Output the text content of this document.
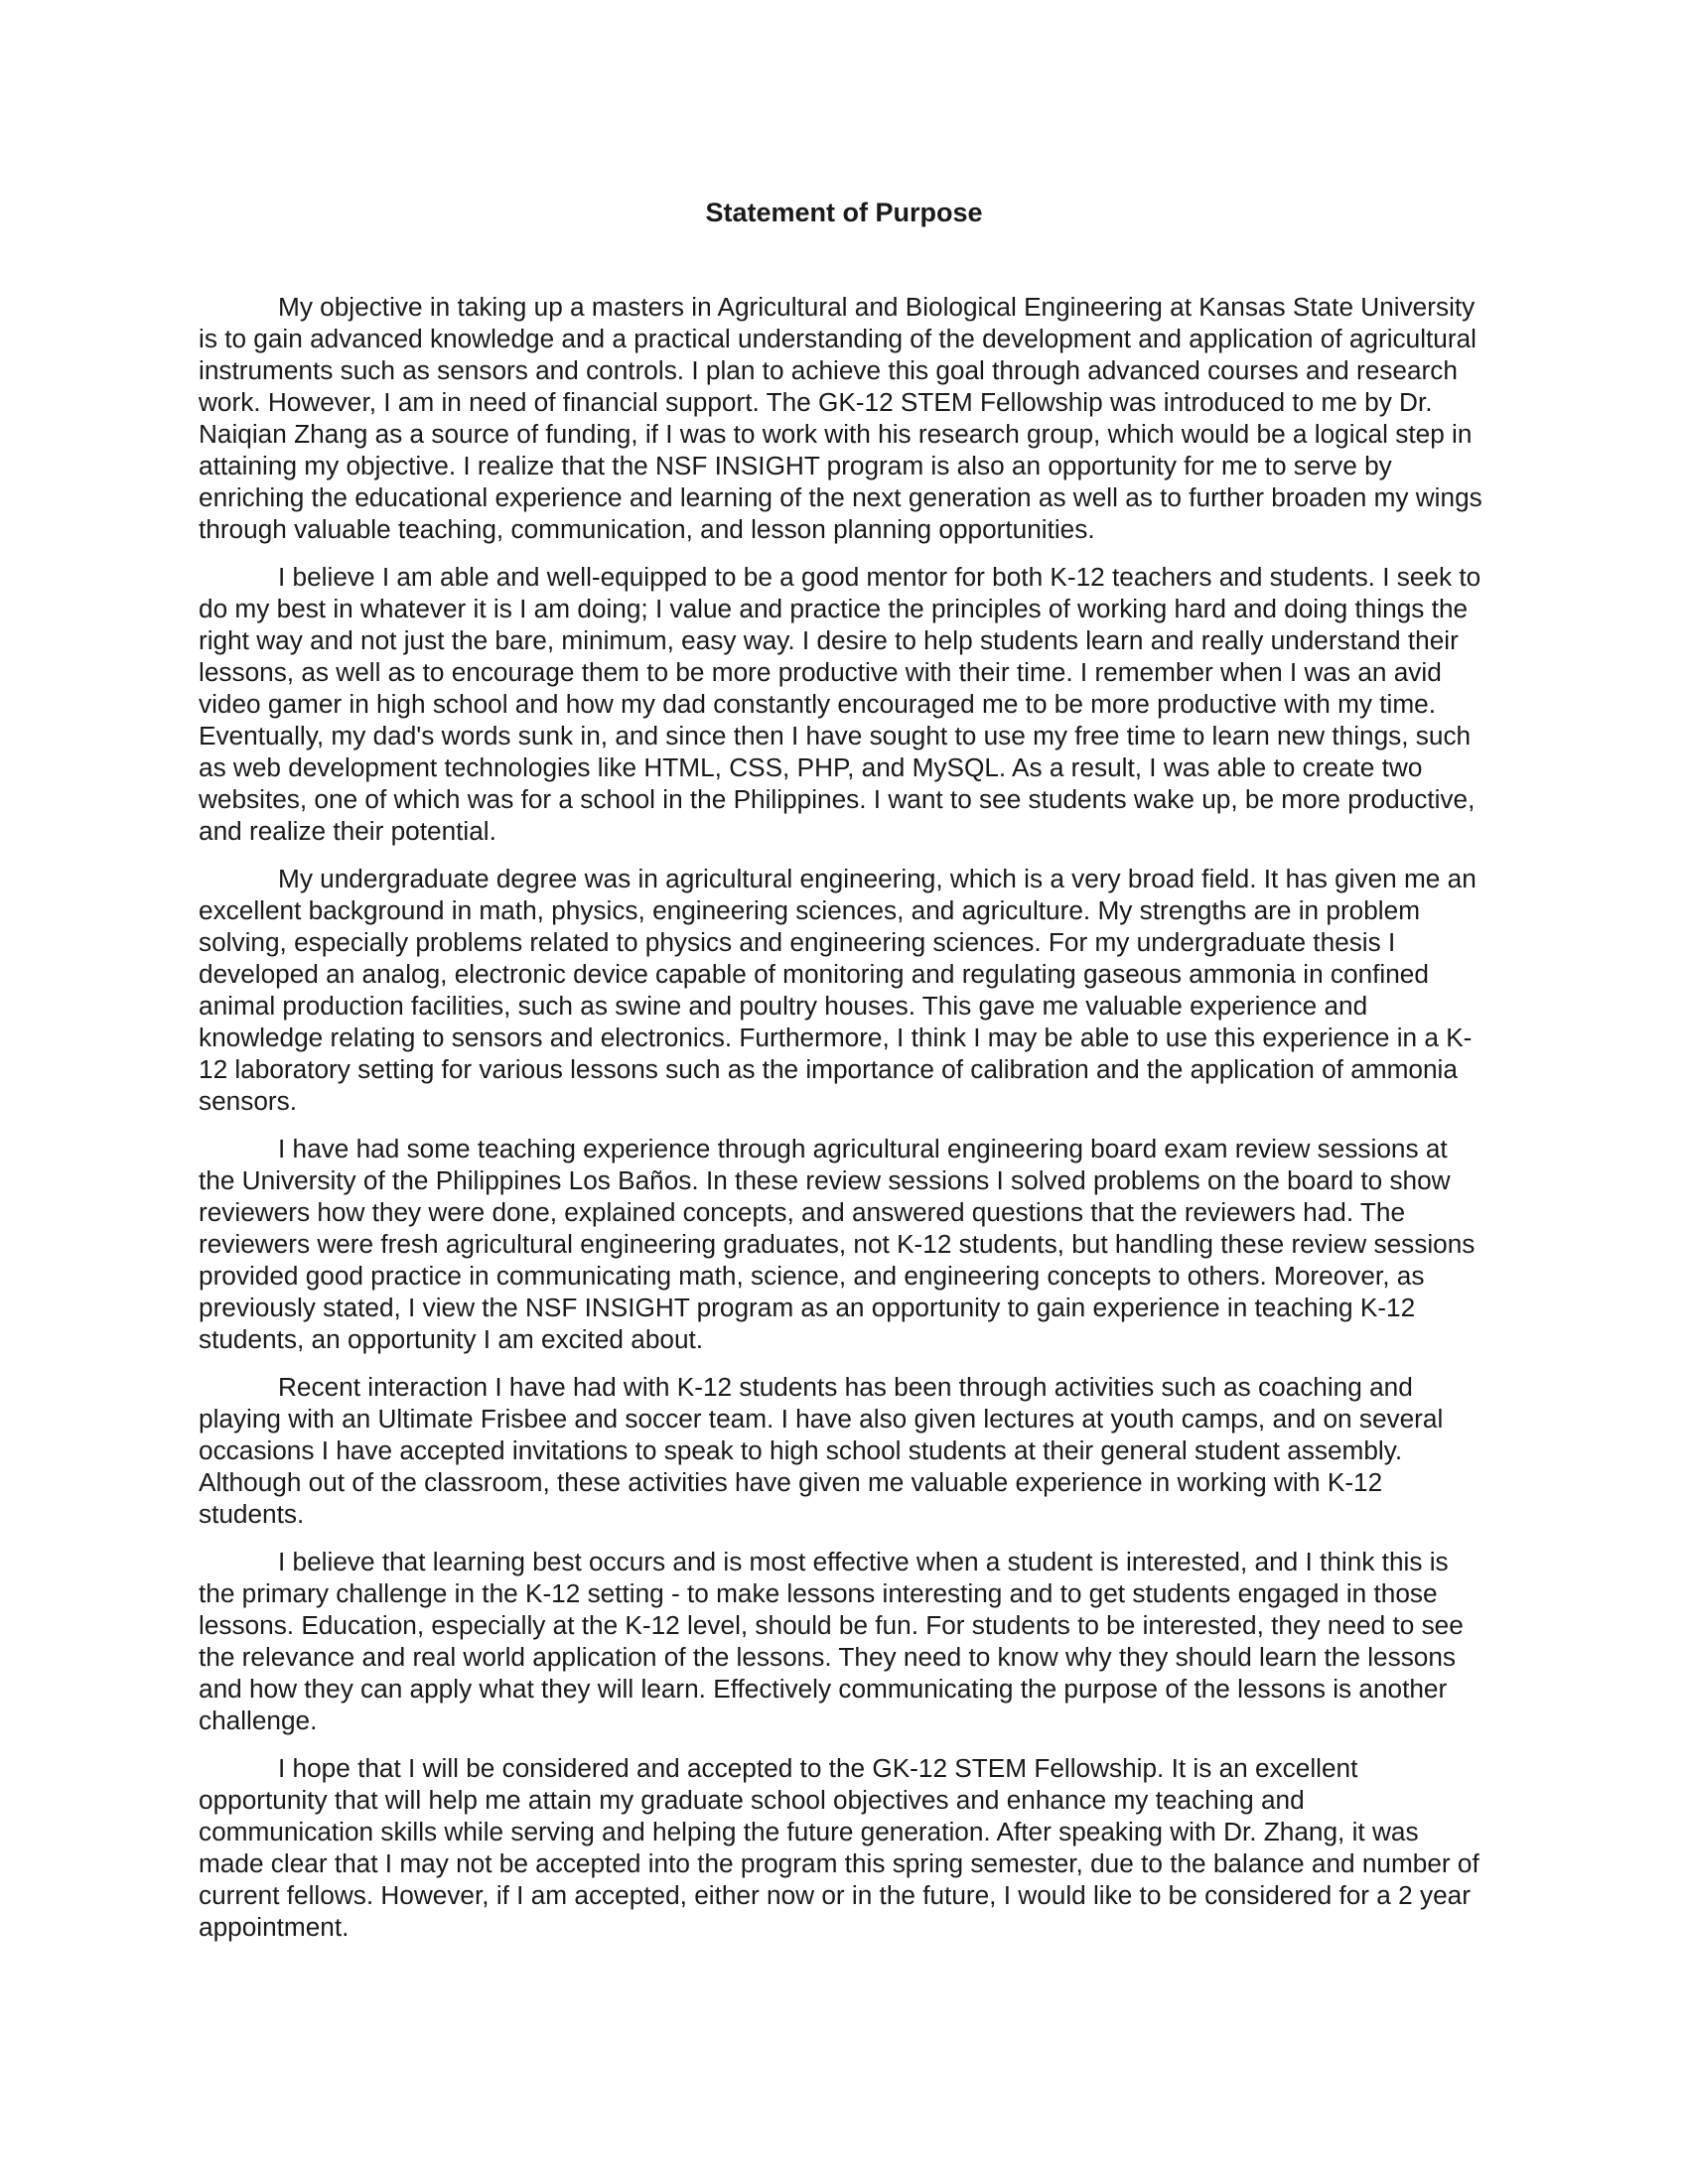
Statement of Purpose

My objective in taking up a masters in Agricultural and Biological Engineering at Kansas State University is to gain advanced knowledge and a practical understanding of the development and application of agricultural instruments such as sensors and controls. I plan to achieve this goal through advanced courses and research work. However, I am in need of financial support. The GK-12 STEM Fellowship was introduced to me by Dr. Naiqian Zhang as a source of funding, if I was to work with his research group, which would be a logical step in attaining my objective. I realize that the NSF INSIGHT program is also an opportunity for me to serve by enriching the educational experience and learning of the next generation as well as to further broaden my wings through valuable teaching, communication, and lesson planning opportunities.

I believe I am able and well-equipped to be a good mentor for both K-12 teachers and students. I seek to do my best in whatever it is I am doing; I value and practice the principles of working hard and doing things the right way and not just the bare, minimum, easy way. I desire to help students learn and really understand their lessons, as well as to encourage them to be more productive with their time. I remember when I was an avid video gamer in high school and how my dad constantly encouraged me to be more productive with my time. Eventually, my dad's words sunk in, and since then I have sought to use my free time to learn new things, such as web development technologies like HTML, CSS, PHP, and MySQL. As a result, I was able to create two websites, one of which was for a school in the Philippines. I want to see students wake up, be more productive, and realize their potential.

My undergraduate degree was in agricultural engineering, which is a very broad field. It has given me an excellent background in math, physics, engineering sciences, and agriculture. My strengths are in problem solving, especially problems related to physics and engineering sciences. For my undergraduate thesis I developed an analog, electronic device capable of monitoring and regulating gaseous ammonia in confined animal production facilities, such as swine and poultry houses. This gave me valuable experience and knowledge relating to sensors and electronics. Furthermore, I think I may be able to use this experience in a K-12 laboratory setting for various lessons such as the importance of calibration and the application of ammonia sensors.

I have had some teaching experience through agricultural engineering board exam review sessions at the University of the Philippines Los Baños. In these review sessions I solved problems on the board to show reviewers how they were done, explained concepts, and answered questions that the reviewers had. The reviewers were fresh agricultural engineering graduates, not K-12 students, but handling these review sessions provided good practice in communicating math, science, and engineering concepts to others. Moreover, as previously stated, I view the NSF INSIGHT program as an opportunity to gain experience in teaching K-12 students, an opportunity I am excited about.

Recent interaction I have had with K-12 students has been through activities such as coaching and playing with an Ultimate Frisbee and soccer team. I have also given lectures at youth camps, and on several occasions I have accepted invitations to speak to high school students at their general student assembly. Although out of the classroom, these activities have given me valuable experience in working with K-12 students.

I believe that learning best occurs and is most effective when a student is interested, and I think this is the primary challenge in the K-12 setting - to make lessons interesting and to get students engaged in those lessons. Education, especially at the K-12 level, should be fun. For students to be interested, they need to see the relevance and real world application of the lessons. They need to know why they should learn the lessons and how they can apply what they will learn. Effectively communicating the purpose of the lessons is another challenge.

I hope that I will be considered and accepted to the GK-12 STEM Fellowship. It is an excellent opportunity that will help me attain my graduate school objectives and enhance my teaching and communication skills while serving and helping the future generation. After speaking with Dr. Zhang, it was made clear that I may not be accepted into the program this spring semester, due to the balance and number of current fellows. However, if I am accepted, either now or in the future, I would like to be considered for a 2 year appointment.
